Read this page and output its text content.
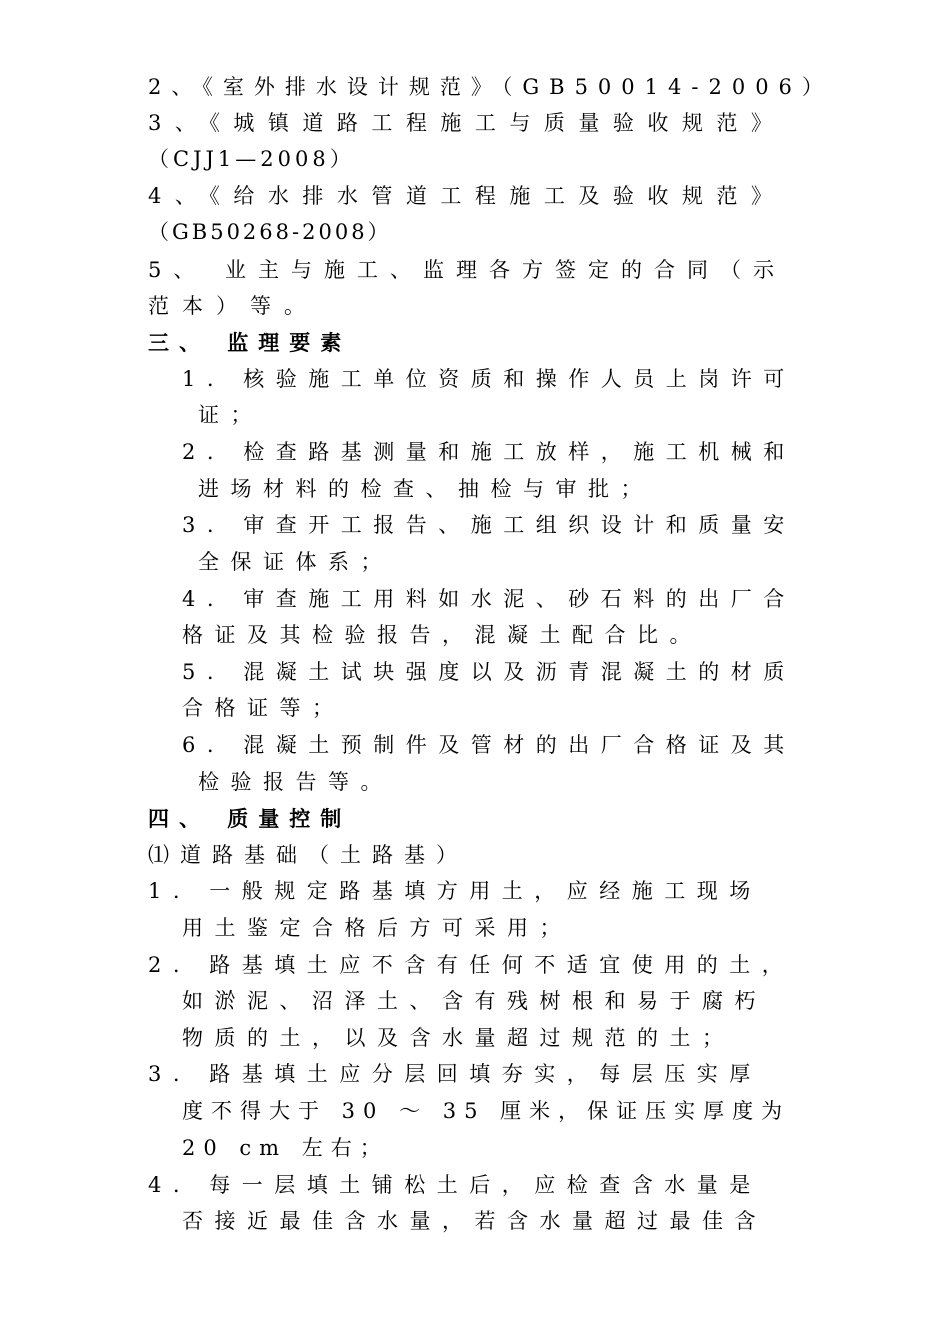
2、《室外排水设计规范》（GB50014-2006）
3、《城镇道路工程施工与质量验收规范》
（CJJ1—2008）
4、《给水排水管道工程施工及验收规范》
（GB50268-2008）
5、 业主与施工、监理各方签定的合同（示
范本）等。
三、 监理要素
1. 核验施工单位资质和操作人员上岗许可
证；
2. 检查路基测量和施工放样，施工机械和
进场材料的检查、抽检与审批；
3. 审查开工报告、施工组织设计和质量安
全保证体系；
4. 审查施工用料如水泥、砂石料的出厂合
格证及其检验报告，混凝土配合比。
5. 混凝土试块强度以及沥青混凝土的材质
合格证等；
6. 混凝土预制件及管材的出厂合格证及其
检验报告等。
四、 质量控制
⑴道路基础（土路基）
1. 一般规定路基填方用土，应经施工现场
用土鉴定合格后方可采用；
2. 路基填土应不含有任何不适宜使用的土，
如淤泥、沼泽土、含有残树根和易于腐朽
物质的土，以及含水量超过规范的土；
3. 路基填土应分层回填夯实，每层压实厚
度不得大于 30 ～ 35 厘米，保证压实厚度为
20 cm 左右；
4. 每一层填土铺松土后，应检查含水量是
否接近最佳含水量，若含水量超过最佳含
